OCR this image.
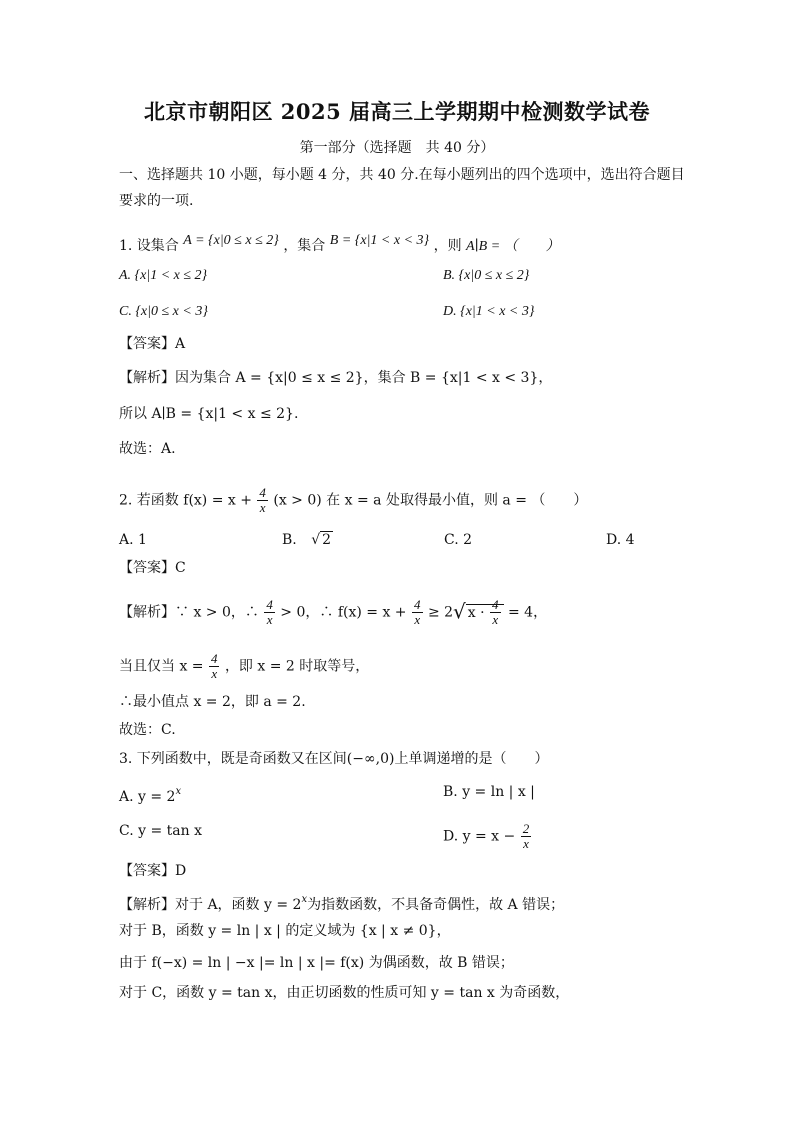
北京市朝阳区 2025 届高三上学期期中检测数学试卷
第一部分（选择题　共 40 分）
一、选择题共 10 小题，每小题 4 分，共 40 分.在每小题列出的四个选项中，选出符合题目
要求的一项.
1. 设集合 A = {x|0 ≤ x ≤ 2} ，集合 B = {x|1 < x < 3} ，则 A∣B = （　　）
A. {x|1 < x ≤ 2}	B. {x|0 ≤ x ≤ 2}
C. {x|0 ≤ x < 3}	D. {x|1 < x < 3}
【答案】A
【解析】因为集合 A = {x|0 ≤ x ≤ 2}，集合 B = {x|1 < x < 3}，
所以 A∣B = {x|1 < x ≤ 2}.
故选：A.
2. 若函数 $f(x) = x + \frac{4}{x} (x > 0)$ 在 x = a 处取得最小值，则 a = （　　）
A. 1	B. √ 2	C. 2	D. 4
【答案】C
【解析】∵ x > 0，∴ $\frac{4}{x} > 0$，∴ $f(x) = x + \frac{4}{x} \ge 2√$ $x \cdot \frac{4}{x} = 4$，
当且仅当 $x = \frac{4}{x}$ ，即 x = 2 时取等号，
∴最小值点 x = 2，即 a = 2.
故选：C.
3. 下列函数中，既是奇函数又在区间(−∞,0)上单调递增的是（　　）
A. $y = 2^x$	B. y = ln | x |
C. y = tan x	D. $y = x - \frac{2}{x}$
【答案】D
【解析】对于 A，函数 $y = 2^x$为指数函数，不具备奇偶性，故 A 错误；
对于 B，函数 y = ln | x | 的定义域为 {x | x ≠ 0}，
由于 f(−x) = ln | −x |= ln | x |= f(x) 为偶函数，故 B 错误；
对于 C，函数 y = tan x，由正切函数的性质可知 y = tan x 为奇函数，
